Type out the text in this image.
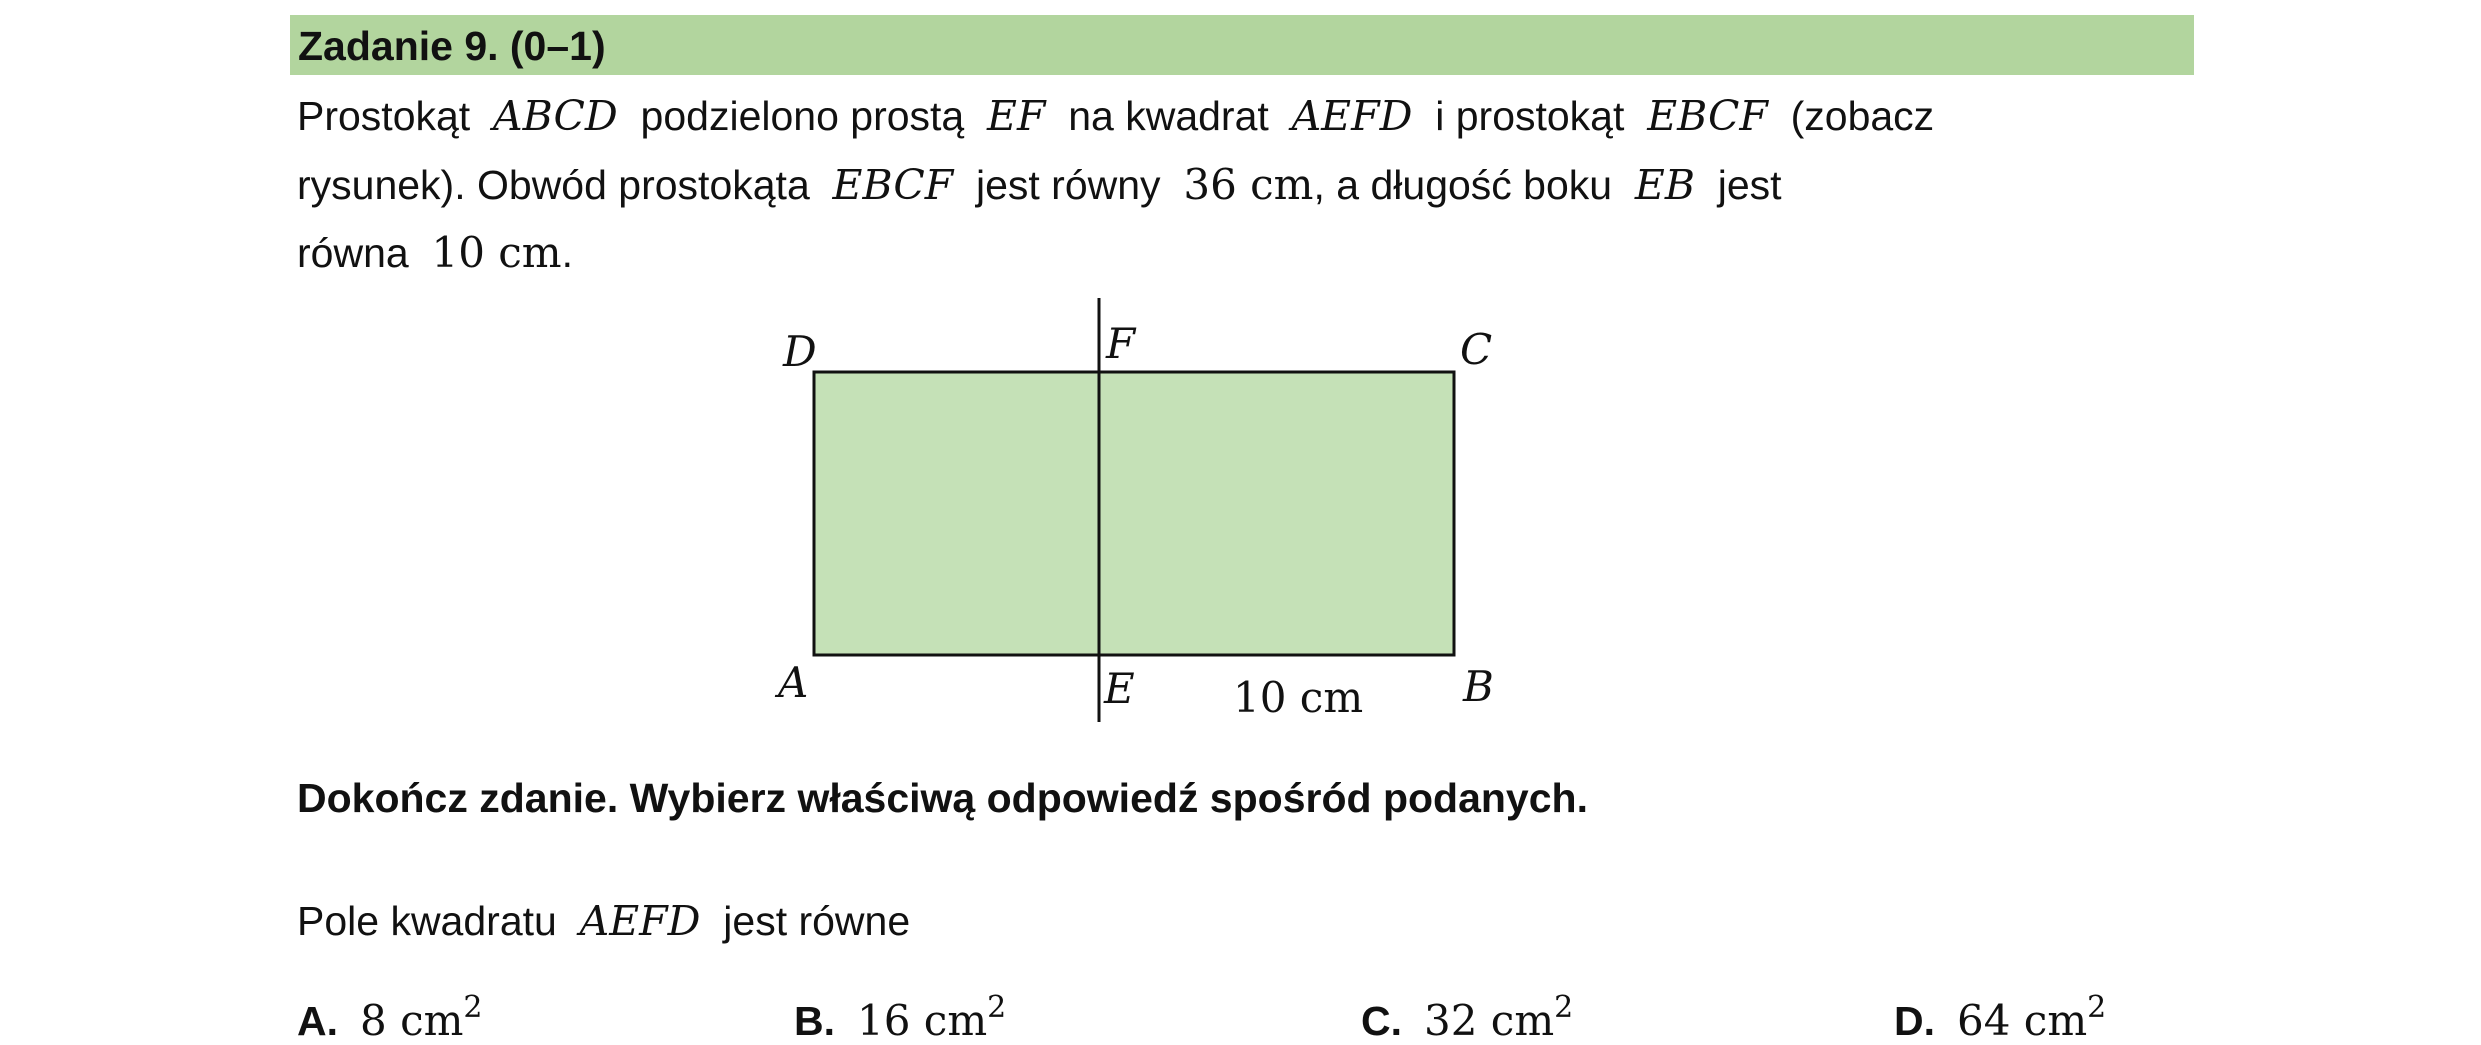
Zadanie 9. (0–1)
Prostokąt ABCD podzielono prostą EF na kwadrat AEFD i prostokąt EBCF (zobacz
rysunek). Obwód prostokąta EBCF jest równy 36 cm, a długość boku EB jest
równa 10 cm.
D	F	C
A	E	B
10 cm
Dokończ zdanie. Wybierz właściwą odpowiedź spośród podanych.
Pole kwadratu AEFD jest równe
A. 8 $cm^2$	B. 16 $cm^2$	C. 32 $cm^2$	D. 64 $cm^2$
